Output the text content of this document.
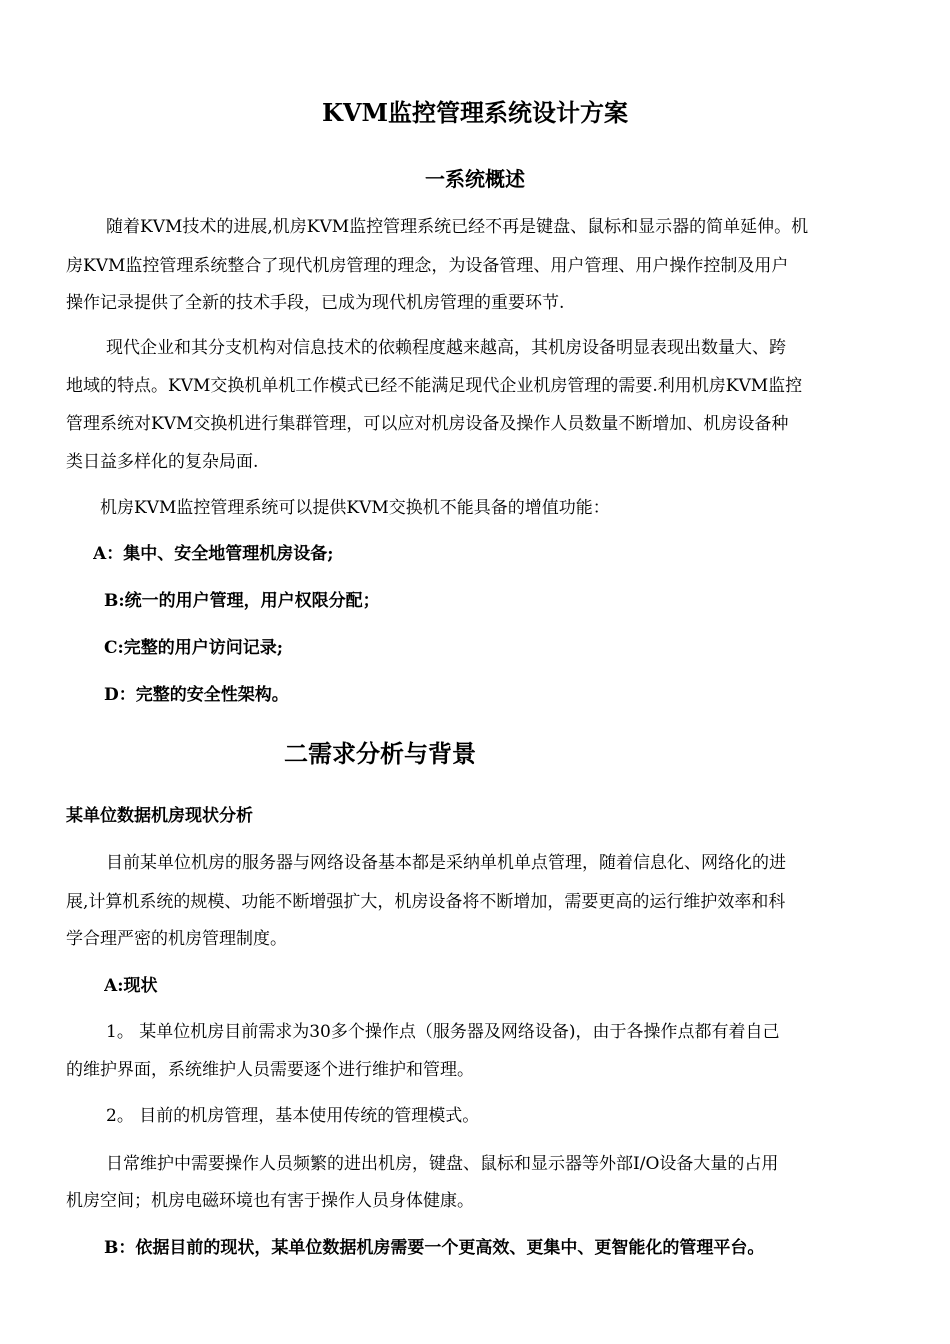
KVM监控管理系统设计方案
一系统概述
随着KVM技术的进展,机房KVM监控管理系统已经不再是键盘、鼠标和显示器的简单延伸。机
房KVM监控管理系统整合了现代机房管理的理念，为设备管理、用户管理、用户操作控制及用户
操作记录提供了全新的技术手段，已成为现代机房管理的重要环节.
现代企业和其分支机构对信息技术的依赖程度越来越高，其机房设备明显表现出数量大、跨
地域的特点。KVM交换机单机工作模式已经不能满足现代企业机房管理的需要.利用机房KVM监控
管理系统对KVM交换机进行集群管理，可以应对机房设备及操作人员数量不断增加、机房设备种
类日益多样化的复杂局面.
机房KVM监控管理系统可以提供KVM交换机不能具备的增值功能：
A：集中、安全地管理机房设备;
B:统一的用户管理，用户权限分配；
C:完整的用户访问记录;
D：完整的安全性架构。
二需求分析与背景
某单位数据机房现状分析
目前某单位机房的服务器与网络设备基本都是采纳单机单点管理，随着信息化、网络化的进
展,计算机系统的规模、功能不断增强扩大，机房设备将不断增加，需要更高的运行维护效率和科
学合理严密的机房管理制度。
A:现状
1。 某单位机房目前需求为30多个操作点（服务器及网络设备)，由于各操作点都有着自己
的维护界面，系统维护人员需要逐个进行维护和管理。
2。 目前的机房管理，基本使用传统的管理模式。
日常维护中需要操作人员频繁的进出机房，键盘、鼠标和显示器等外部I/O设备大量的占用
机房空间；机房电磁环境也有害于操作人员身体健康。
B：依据目前的现状，某单位数据机房需要一个更高效、更集中、更智能化的管理平台。
